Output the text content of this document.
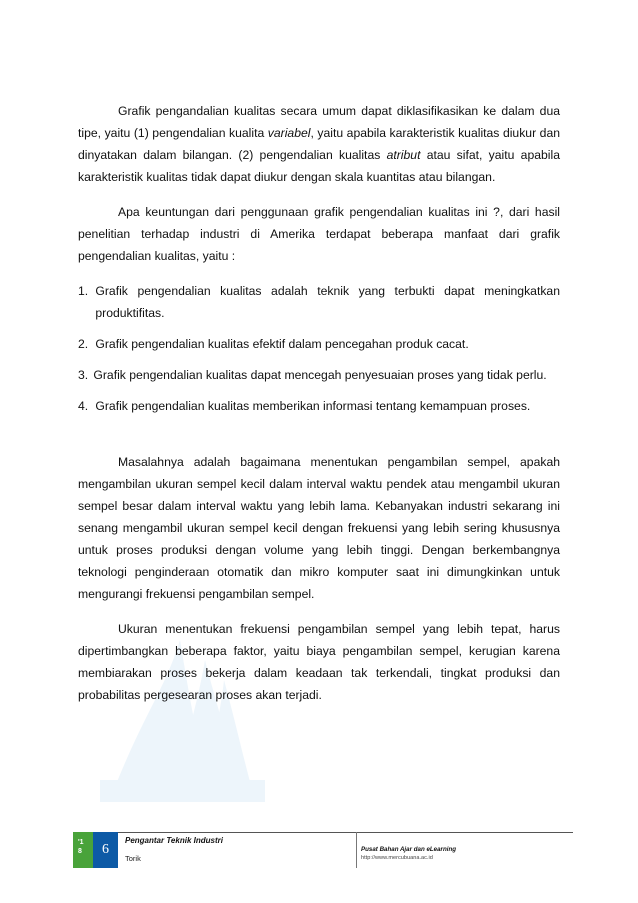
Grafik pengandalian kualitas secara umum dapat diklasifikasikan ke dalam dua tipe, yaitu (1) pengendalian kualita variabel, yaitu apabila karakteristik kualitas diukur dan dinyatakan dalam bilangan. (2) pengendalian kualitas atribut atau sifat, yaitu apabila karakteristik kualitas tidak dapat diukur dengan skala kuantitas atau bilangan.

Apa keuntungan dari penggunaan grafik pengendalian kualitas ini ?, dari hasil penelitian terhadap industri di Amerika terdapat beberapa manfaat dari grafik pengendalian kualitas, yaitu :

1.
Grafik pengendalian kualitas adalah teknik yang terbukti dapat meningkatkan produktifitas.
2.
Grafik pengendalian kualitas efektif dalam pencegahan produk cacat.
3.
Grafik pengendalian kualitas dapat mencegah penyesuaian proses yang tidak perlu.
4.
Grafik pengendalian kualitas memberikan informasi tentang kemampuan proses.

Masalahnya adalah bagaimana menentukan pengambilan sempel, apakah mengambilan ukuran sempel kecil dalam interval waktu pendek atau mengambil ukuran sempel besar dalam interval waktu yang lebih lama. Kebanyakan industri sekarang ini senang mengambil ukuran sempel kecil dengan frekuensi yang lebih sering khususnya untuk proses produksi dengan volume yang lebih tinggi. Dengan berkembangnya teknologi penginderaan otomatik dan mikro komputer saat ini dimungkinkan untuk mengurangi frekuensi pengambilan sempel.

Ukuran menentukan frekuensi pengambilan sempel yang lebih tepat, harus dipertimbangkan beberapa faktor, yaitu biaya pengambilan sempel, kerugian karena membiarakan proses bekerja dalam keadaan tak terkendali, tingkat produksi dan probabilitas pergesearan proses akan terjadi.

'1
8	6
Pengantar Teknik Industri
Torik
Pusat Bahan Ajar dan eLearning
http://www.mercubuana.ac.id
